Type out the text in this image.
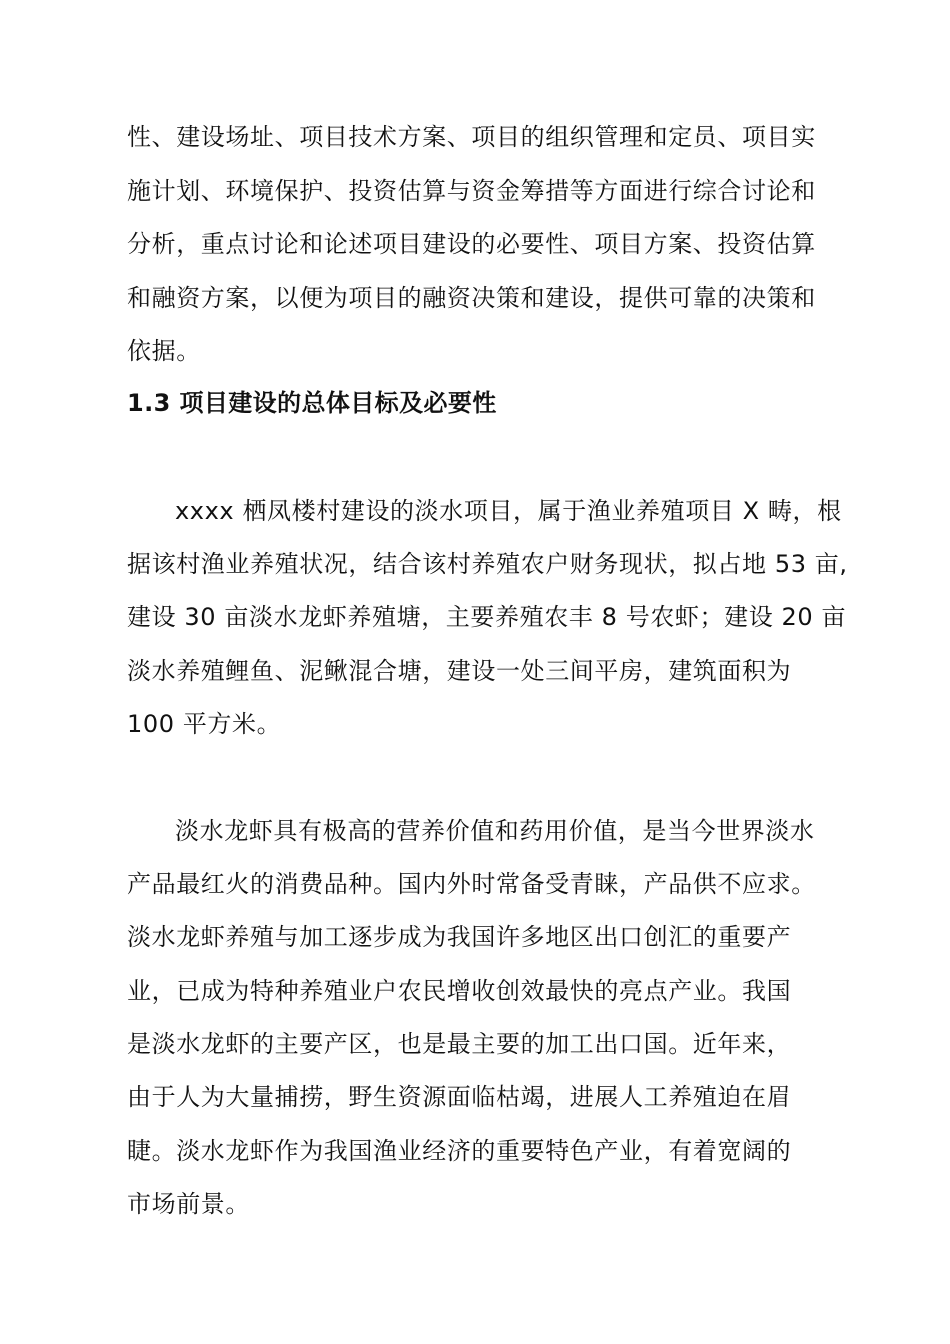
性、建设场址、项目技术方案、项目的组织管理和定员、项目实
施计划、环境保护、投资估算与资金筹措等方面进行综合讨论和
分析，重点讨论和论述项目建设的必要性、项目方案、投资估算
和融资方案，以便为项目的融资决策和建设，提供可靠的决策和
依据。
1.3 项目建设的总体目标及必要性
xxxx 栖凤楼村建设的淡水项目，属于渔业养殖项目 X 畴，根
据该村渔业养殖状况，结合该村养殖农户财务现状，拟占地 53 亩,
建设 30 亩淡水龙虾养殖塘，主要养殖农丰 8 号农虾；建设 20 亩
淡水养殖鲤鱼、泥鳅混合塘，建设一处三间平房，建筑面积为
100 平方米。
淡水龙虾具有极高的营养价值和药用价值，是当今世界淡水
产品最红火的消费品种。国内外时常备受青睐，产品供不应求。
淡水龙虾养殖与加工逐步成为我国许多地区出口创汇的重要产
业，已成为特种养殖业户农民增收创效最快的亮点产业。我国
是淡水龙虾的主要产区，也是最主要的加工出口国。近年来，
由于人为大量捕捞，野生资源面临枯竭，进展人工养殖迫在眉
睫。淡水龙虾作为我国渔业经济的重要特色产业，有着宽阔的
市场前景。
